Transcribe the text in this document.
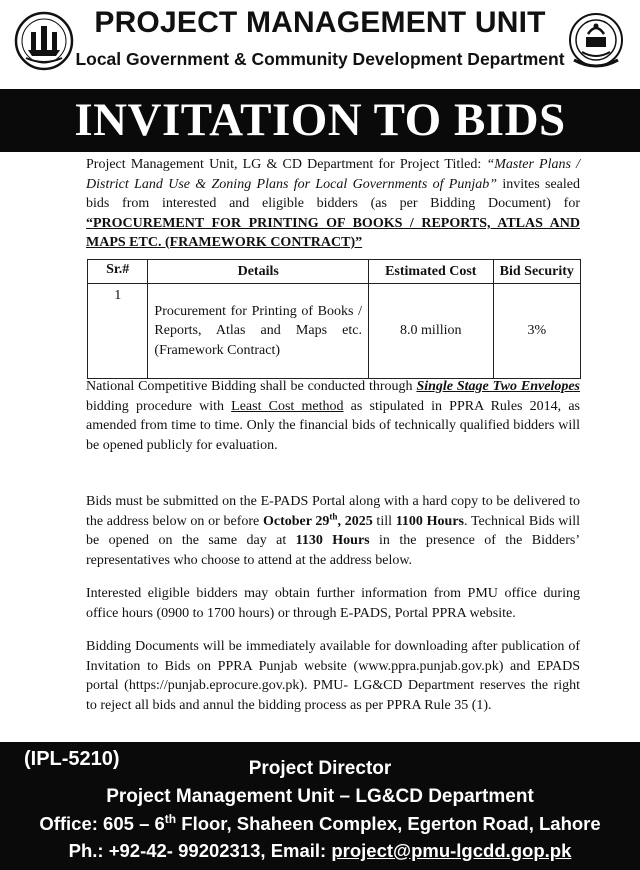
PROJECT MANAGEMENT UNIT
Local Government & Community Development Department
INVITATION TO BIDS
Project Management Unit, LG & CD Department for Project Titled: “Master Plans / District Land Use & Zoning Plans for Local Governments of Punjab” invites sealed bids from interested and eligible bidders (as per Bidding Document) for “PROCUREMENT FOR PRINTING OF BOOKS / REPORTS, ATLAS AND MAPS ETC. (FRAMEWORK CONTRACT)”
Sr.#	Details	Estimated Cost	Bid Security
1	Procurement for Printing of Books / Reports, Atlas and Maps etc. (Framework Contract)	8.0 million	3%
National Competitive Bidding shall be conducted through Single Stage Two Envelopes bidding procedure with Least Cost method as stipulated in PPRA Rules 2014, as amended from time to time. Only the financial bids of technically qualified bidders will be opened publicly for evaluation.
Bids must be submitted on the E-PADS Portal along with a hard copy to be delivered to the address below on or before October 29th, 2025 till 1100 Hours. Technical Bids will be opened on the same day at 1130 Hours in the presence of the Bidders’ representatives who choose to attend at the address below.
Interested eligible bidders may obtain further information from PMU office during office hours (0900 to 1700 hours) or through E-PADS, Portal PPRA website.
Bidding Documents will be immediately available for downloading after publication of Invitation to Bids on PPRA Punjab website (www.ppra.punjab.gov.pk) and EPADS portal (https://punjab.eprocure.gov.pk). PMU- LG&CD Department reserves the right to reject all bids and annul the bidding process as per PPRA Rule 35 (1).
(IPL-5210)	Project Director
Project Management Unit – LG&CD Department
Office: 605 – 6th Floor, Shaheen Complex, Egerton Road, Lahore
Ph.: +92-42- 99202313, Email: project@pmu-lgcdd.gop.pk
